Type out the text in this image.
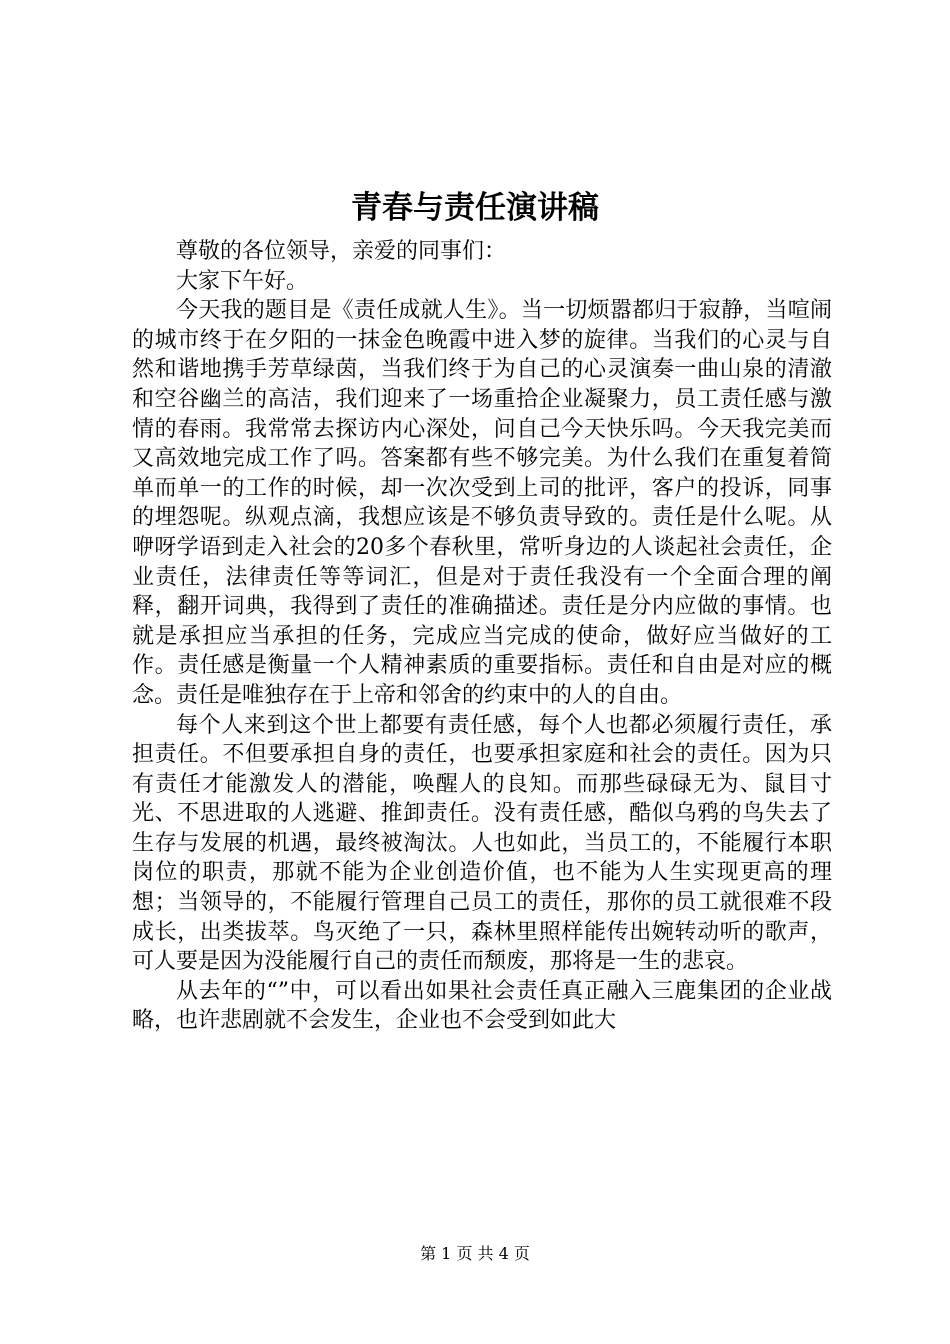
青春与责任演讲稿

尊敬的各位领导，亲爱的同事们：

大家下午好。

今天我的题目是《责任成就人生》。当一切烦嚣都归于寂静，当喧闹的城市终于在夕阳的一抹金色晚霞中进入梦的旋律。当我们的心灵与自然和谐地携手芳草绿茵，当我们终于为自己的心灵演奏一曲山泉的清澈和空谷幽兰的高洁，我们迎来了一场重拾企业凝聚力，员工责任感与激情的春雨。我常常去探访内心深处，问自己今天快乐吗。今天我完美而又高效地完成工作了吗。答案都有些不够完美。为什么我们在重复着简单而单一的工作的时候，却一次次受到上司的批评，客户的投诉，同事的埋怨呢。纵观点滴，我想应该是不够负责导致的。责任是什么呢。从咿呀学语到走入社会的20多个春秋里，常听身边的人谈起社会责任，企业责任，法律责任等等词汇，但是对于责任我没有一个全面合理的阐释，翻开词典，我得到了责任的准确描述。责任是分内应做的事情。也就是承担应当承担的任务，完成应当完成的使命，做好应当做好的工作。责任感是衡量一个人精神素质的重要指标。责任和自由是对应的概念。责任是唯独存在于上帝和邻舍的约束中的人的自由。

每个人来到这个世上都要有责任感，每个人也都必须履行责任，承担责任。不但要承担自身的责任，也要承担家庭和社会的责任。因为只有责任才能激发人的潜能，唤醒人的良知。而那些碌碌无为、鼠目寸光、不思进取的人逃避、推卸责任。没有责任感，酷似乌鸦的鸟失去了生存与发展的机遇，最终被淘汰。人也如此，当员工的，不能履行本职岗位的职责，那就不能为企业创造价值，也不能为人生实现更高的理想；当领导的，不能履行管理自己员工的责任，那你的员工就很难不段成长，出类拔萃。鸟灭绝了一只，森林里照样能传出婉转动听的歌声，可人要是因为没能履行自己的责任而颓废，那将是一生的悲哀。

从去年的“”中，可以看出如果社会责任真正融入三鹿集团的企业战略，也许悲剧就不会发生，企业也不会受到如此大

第 1 页 共 4 页
